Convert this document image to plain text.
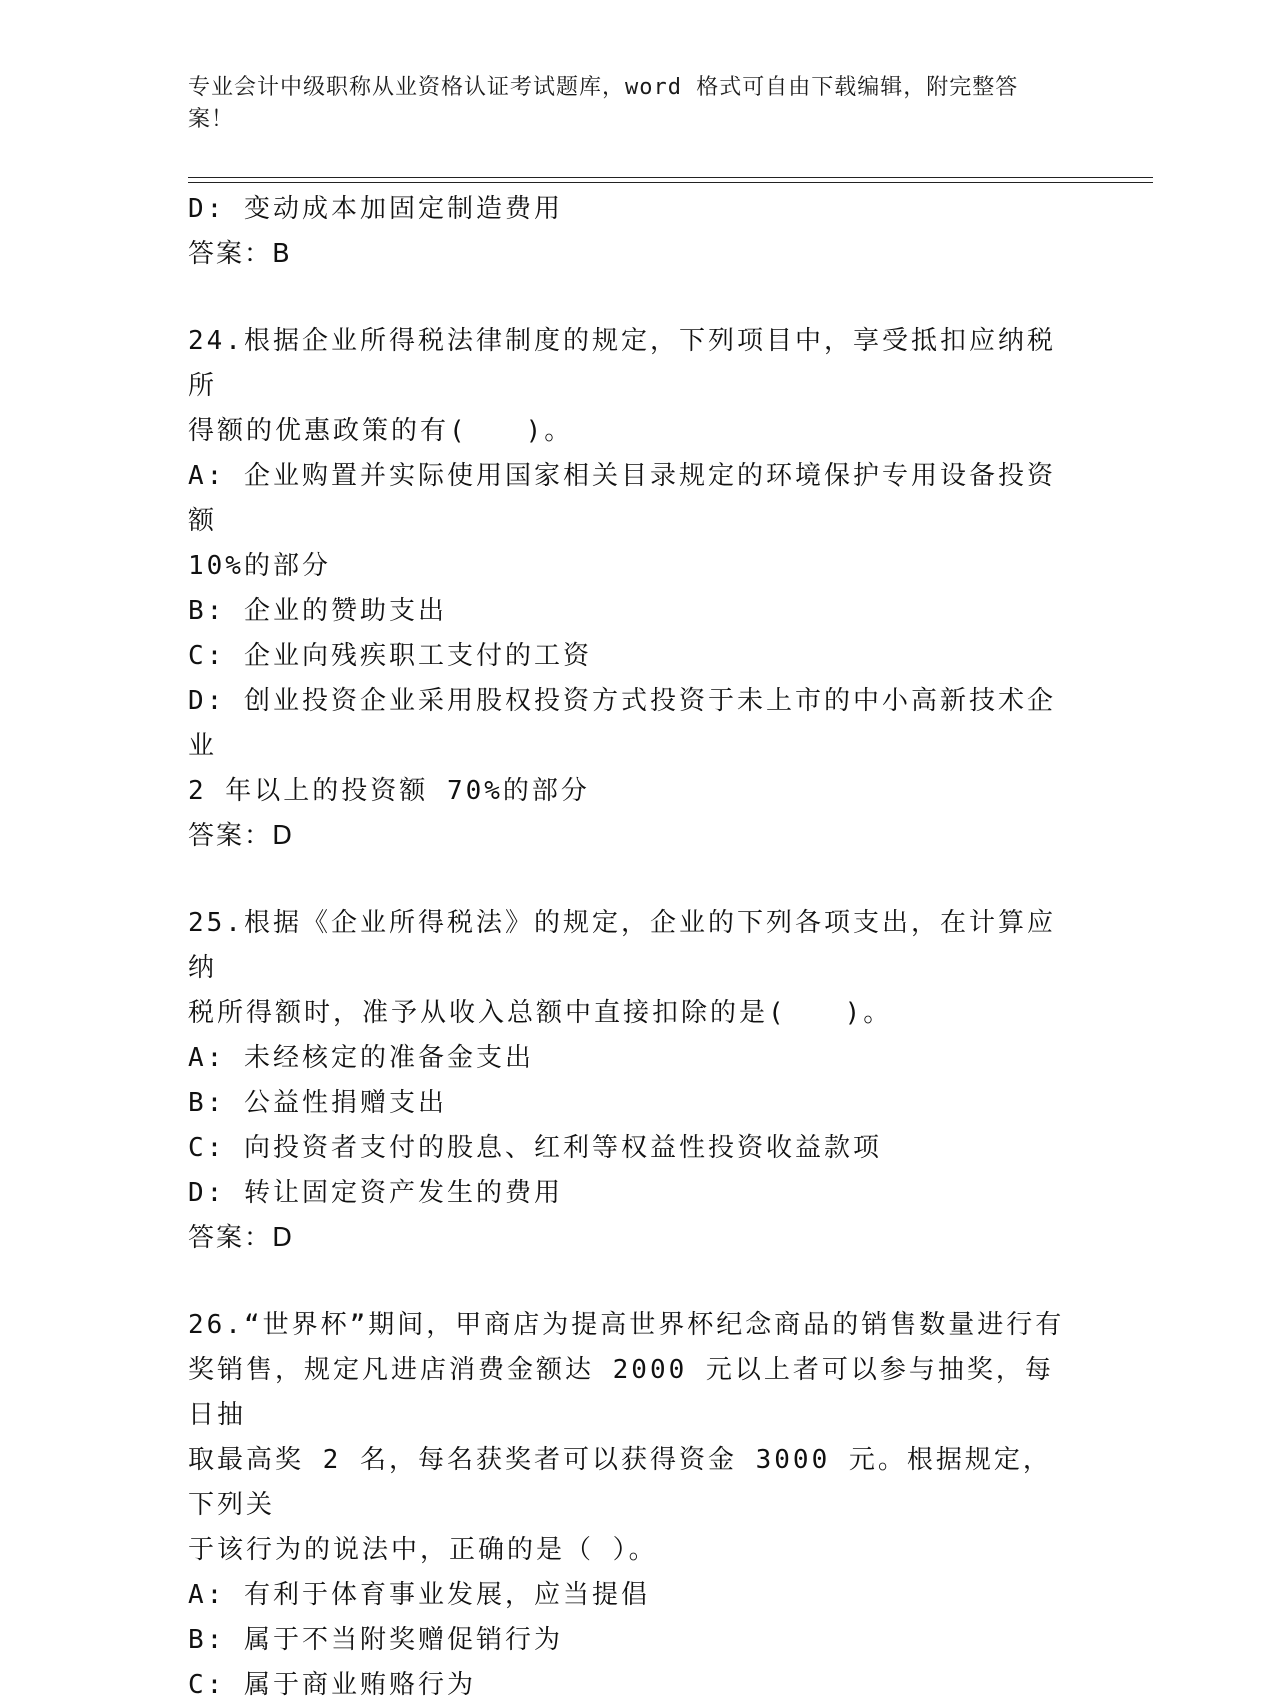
专业会计中级职称从业资格认证考试题库，word 格式可自由下载编辑，附完整答
案！
D: 变动成本加固定制造费用
答案：B
24.根据企业所得税法律制度的规定，下列项目中，享受抵扣应纳税所
得额的优惠政策的有(　　)。
A: 企业购置并实际使用国家相关目录规定的环境保护专用设备投资额
10%的部分
B: 企业的赞助支出
C: 企业向残疾职工支付的工资
D: 创业投资企业采用股权投资方式投资于未上市的中小高新技术企业
2 年以上的投资额 70%的部分
答案：D
25.根据《企业所得税法》的规定，企业的下列各项支出，在计算应纳
税所得额时，准予从收入总额中直接扣除的是(　　)。
A: 未经核定的准备金支出
B: 公益性捐赠支出
C: 向投资者支付的股息、红利等权益性投资收益款项
D: 转让固定资产发生的费用
答案：D
26.“世界杯”期间，甲商店为提高世界杯纪念商品的销售数量进行有
奖销售，规定凡进店消费金额达 2000 元以上者可以参与抽奖，每日抽
取最高奖 2 名，每名获奖者可以获得资金 3000 元。根据规定，下列关
于该行为的说法中，正确的是（ ）。
A: 有利于体育事业发展，应当提倡
B: 属于不当附奖赠促销行为
C: 属于商业贿赂行为
